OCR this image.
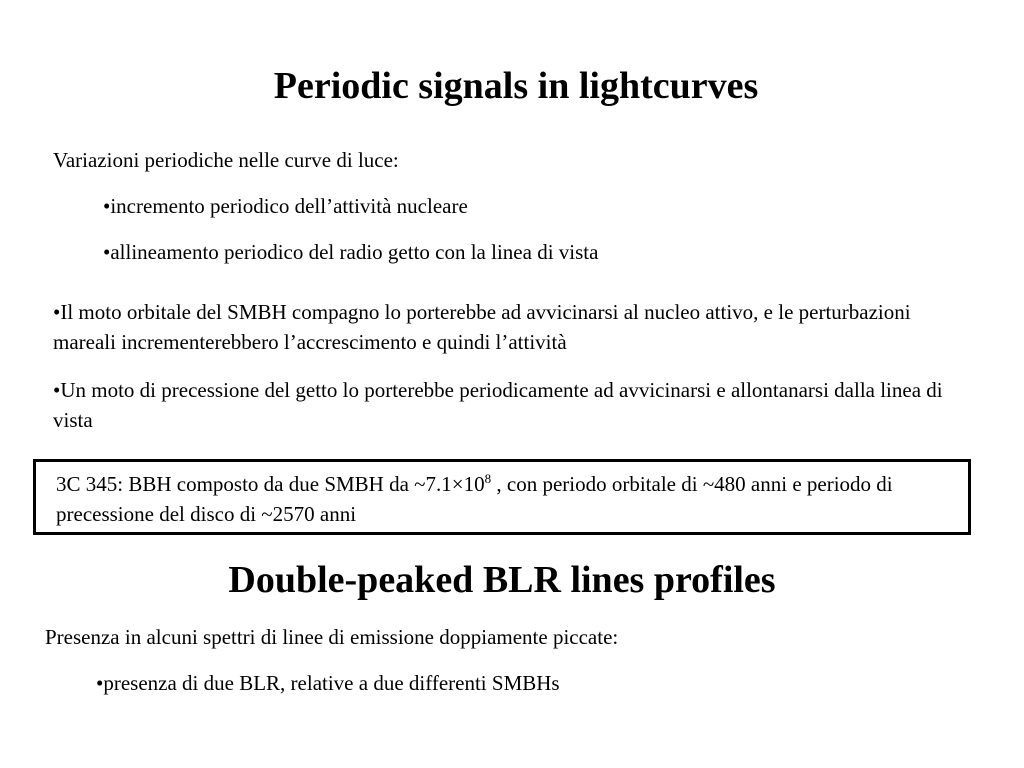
Periodic signals in lightcurves
Variazioni periodiche nelle curve di luce:
•incremento periodico dell’attività nucleare
•allineamento periodico del radio getto con la linea di vista
•Il moto orbitale del SMBH compagno lo porterebbe ad avvicinarsi al nucleo attivo, e le perturbazioni mareali incrementerebbero l’accrescimento e quindi l’attività
•Un moto di precessione del getto lo porterebbe periodicamente ad avvicinarsi e allontanarsi dalla linea di vista
3C 345: BBH composto da due SMBH da $\sim 7.1\times 10^8$ , con periodo orbitale di ~480 anni e periodo di precessione del disco di ~2570 anni
Double-peaked BLR lines profiles
Presenza in alcuni spettri di linee di emissione doppiamente piccate:
•presenza di due BLR, relative a due differenti SMBHs
